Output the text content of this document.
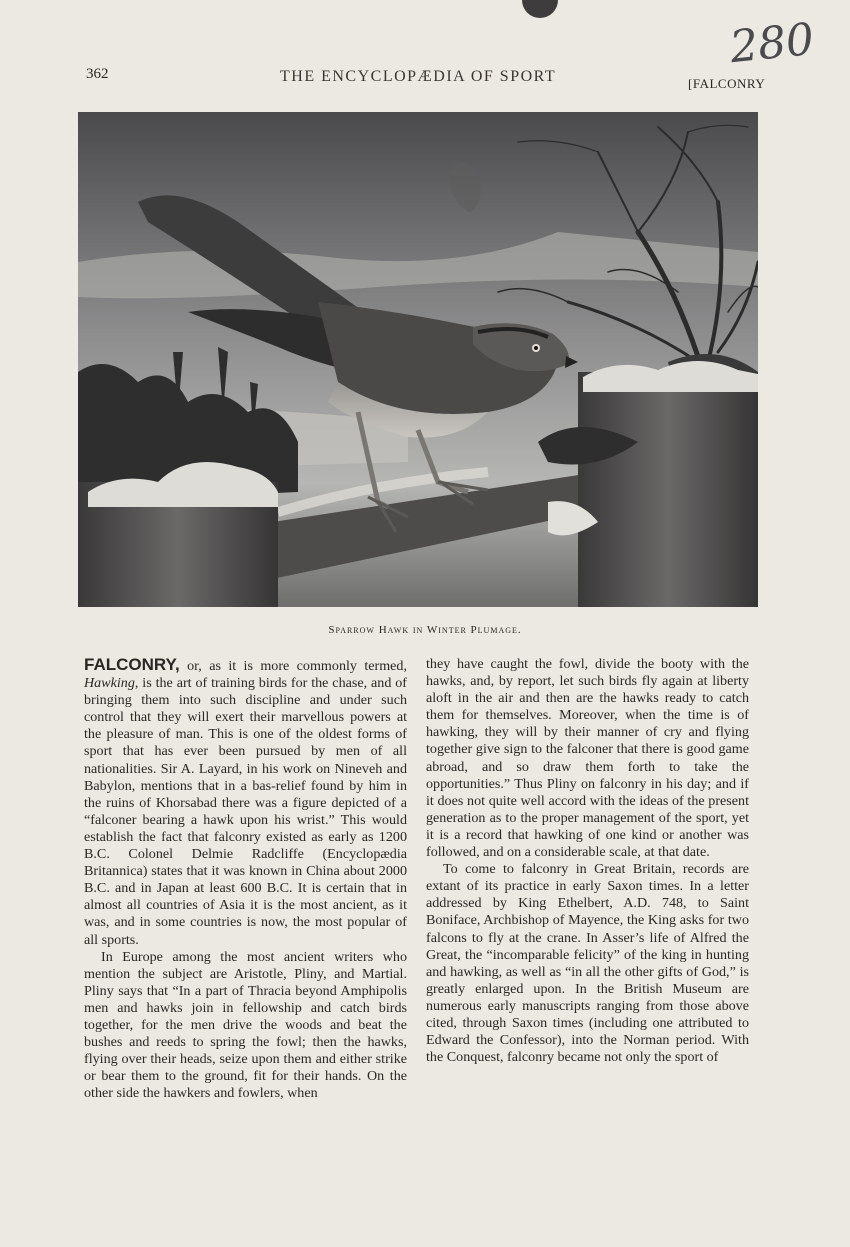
362	THE ENCYCLOPÆDIA OF SPORT	[FALCONRY
280
Sparrow Hawk in Winter Plumage.

FALCONRY, or, as it is more commonly termed, Hawking, is the art of training birds for the chase, and of bringing them into such discipline and under such control that they will exert their marvellous powers at the pleasure of man. This is one of the oldest forms of sport that has ever been pursued by men of all nationalities. Sir A. Layard, in his work on Nineveh and Babylon, mentions that in a bas-relief found by him in the ruins of Khorsabad there was a figure depicted of a “falconer bearing a hawk upon his wrist.” This would establish the fact that falconry existed as early as 1200 B.C. Colonel Delmie Radcliffe (Encyclopædia Britannica) states that it was known in China about 2000 B.C. and in Japan at least 600 B.C. It is certain that in almost all countries of Asia it is the most ancient, as it was, and in some countries is now, the most popular of all sports.

In Europe among the most ancient writers who mention the subject are Aristotle, Pliny, and Martial. Pliny says that “In a part of Thracia beyond Amphipolis men and hawks join in fellowship and catch birds together, for the men drive the woods and beat the bushes and reeds to spring the fowl; then the hawks, flying over their heads, seize upon them and either strike or bear them to the ground, fit for their hands. On the other side the hawkers and fowlers, when

they have caught the fowl, divide the booty with the hawks, and, by report, let such birds fly again at liberty aloft in the air and then are the hawks ready to catch them for themselves. Moreover, when the time is of hawking, they will by their manner of cry and flying together give sign to the falconer that there is good game abroad, and so draw them forth to take the opportunities.” Thus Pliny on falconry in his day; and if it does not quite well accord with the ideas of the present generation as to the proper management of the sport, yet it is a record that hawking of one kind or another was followed, and on a considerable scale, at that date.

To come to falconry in Great Britain, records are extant of its practice in early Saxon times. In a letter addressed by King Ethelbert, A.D. 748, to Saint Boniface, Archbishop of Mayence, the King asks for two falcons to fly at the crane. In Asser’s life of Alfred the Great, the “incomparable felicity” of the king in hunting and hawking, as well as “in all the other gifts of God,” is greatly enlarged upon. In the British Museum are numerous early manuscripts ranging from those above cited, through Saxon times (including one attributed to Edward the Confessor), into the Norman period. With the Conquest, falconry became not only the sport of
